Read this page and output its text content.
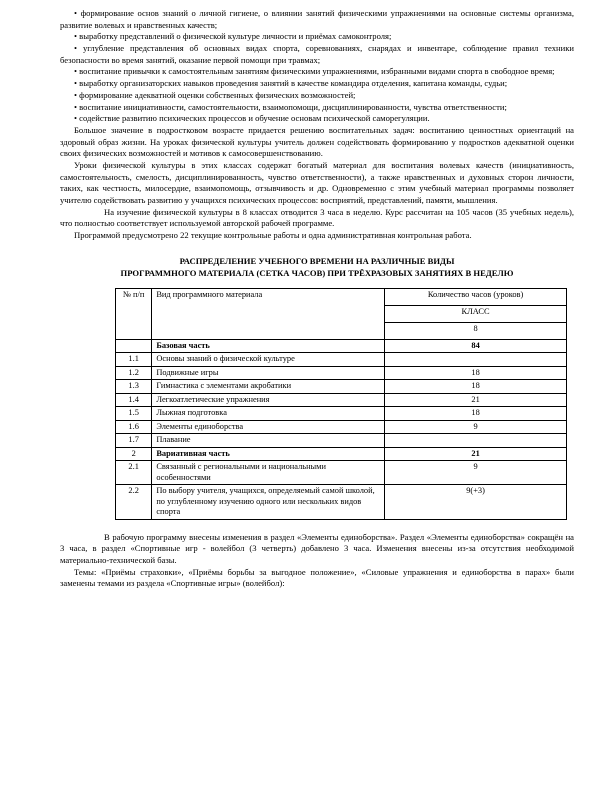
• формирование основ знаний о личной гигиене, о влиянии занятий физическими упражнениями на основные системы организма, развитие волевых и нравственных качеств;
• выработку представлений о физической культуре личности и приёмах самоконтроля;
• углубление представления об основных видах спорта, соревнованиях, снарядах и инвентаре, соблюдение правил техники безопасности во время занятий, оказание первой помощи при травмах;
• воспитание привычки к самостоятельным занятиям физическими упражнениями, избранными видами спорта в свободное время;
• выработку организаторских навыков проведения занятий в качестве командира отделения, капитана команды, судьи;
• формирование адекватной оценки собственных физических возможностей;
• воспитание инициативности, самостоятельности, взаимопомощи, дисциплинированности, чувства ответственности;
• содействие развитию психических процессов и обучение основам психической саморегуляции.

Большое значение в подростковом возрасте придается решению воспитательных задач: воспитанию ценностных ориентаций на здоровый образ жизни. На уроках физической культуры учитель должен содействовать формированию у подростков адекватной оценки своих физических возможностей и мотивов к самосовершенствованию.

Уроки физической культуры в этих классах содержат богатый материал для воспитания волевых качеств (инициативность, самостоятельность, смелость, дисциплинированность, чувство ответственности), а также нравственных и духовных сторон личности, таких, как честность, милосердие, взаимопомощь, отзывчивость и др. Одновременно с этим учебный материал программы позволяет учителю содействовать развитию у учащихся психических процессов: восприятий, представлений, памяти, мышления.

На изучение физической культуры в 8 классах отводится 3 часа в неделю. Курс рассчитан на 105 часов (35 учебных недель), что полностью соответствует используемой авторской рабочей программе.

Программой предусмотрено 22 текущие контрольные работы и одна административная контрольная работа.

РАСПРЕДЕЛЕНИЕ УЧЕБНОГО ВРЕМЕНИ НА РАЗЛИЧНЫЕ ВИДЫ
ПРОГРАММНОГО МАТЕРИАЛА (СЕТКА ЧАСОВ) ПРИ ТРЁХРАЗОВЫХ ЗАНЯТИЯХ В НЕДЕЛЮ
№ п/п	Вид программного материала	Количество часов (уроков)
		КЛАСС
		8
	Базовая часть	84
1.1	Основы знаний о физической культуре	
1.2	Подвижные игры	18
1.3	Гимнастика с элементами акробатики	18
1.4	Легкоатлетические упражнения	21
1.5	Лыжная подготовка	18
1.6	Элементы единоборства	9
1.7	Плавание	
2	Вариативная часть	21
2.1	Связанный с региональными и национальными особенностями	9
2.2	По выбору учителя, учащихся, определяемый самой школой, по углубленному изучению одного или нескольких видов спорта	9(+3)

В рабочую программу внесены изменения в раздел «Элементы единоборства». Раздел «Элементы единоборства» сокращён на 3 часа, в раздел «Спортивные игр - волейбол (3 четверть) добавлено 3 часа. Изменения внесены из-за отсутствия необходимой материально-технической базы.

Темы: «Приёмы страховки», «Приёмы борьбы за выгодное положение», «Силовые упражнения и единоборства в парах» были заменены темами из раздела «Спортивные игры» (волейбол):
